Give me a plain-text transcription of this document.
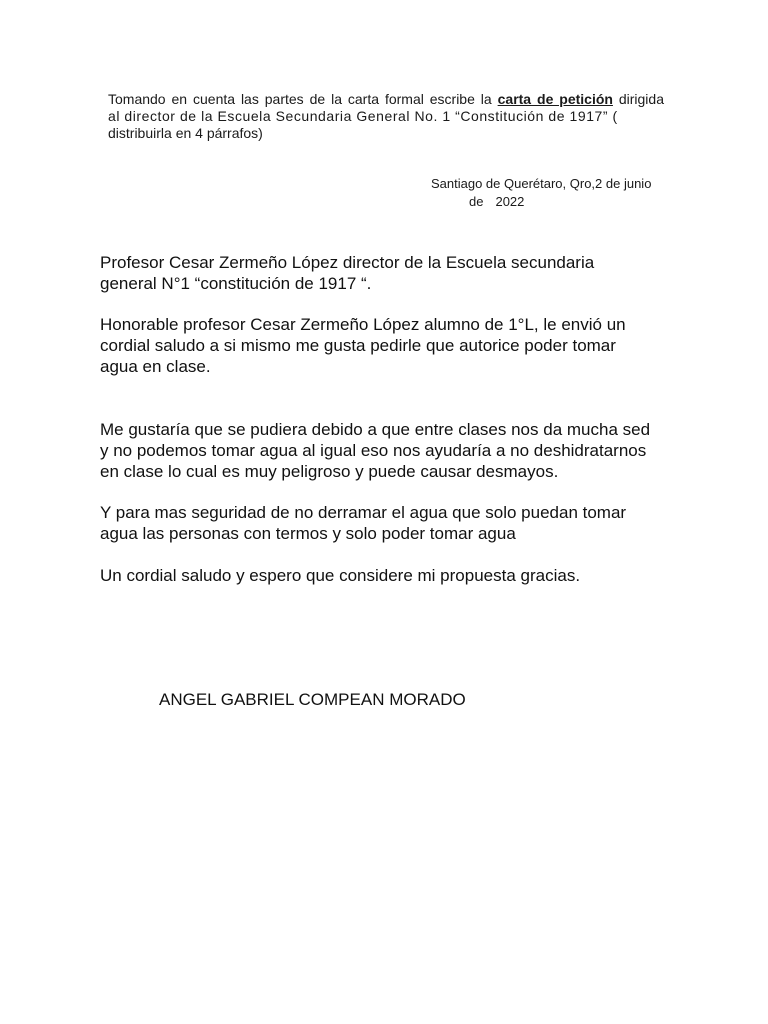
Tomando en cuenta las partes de la carta formal escribe la carta de petición dirigida
al director de la Escuela Secundaria General No. 1 “Constitución de 1917” (
distribuirla en 4 párrafos)
Santiago de Querétaro, Qro,2 de junio
de 2022
Profesor Cesar Zermeño López director de la Escuela secundaria
general N°1 “constitución de 1917 “.
Honorable profesor Cesar Zermeño López alumno de 1°L, le envió un
cordial saludo a si mismo me gusta pedirle que autorice poder tomar
agua en clase.
Me gustaría que se pudiera debido a que entre clases nos da mucha sed
y no podemos tomar agua al igual eso nos ayudaría a no deshidratarnos
en clase lo cual es muy peligroso y puede causar desmayos.
Y para mas seguridad de no derramar el agua que solo puedan tomar
agua las personas con termos y solo poder tomar agua
Un cordial saludo y espero que considere mi propuesta gracias.
ANGEL GABRIEL COMPEAN MORADO
